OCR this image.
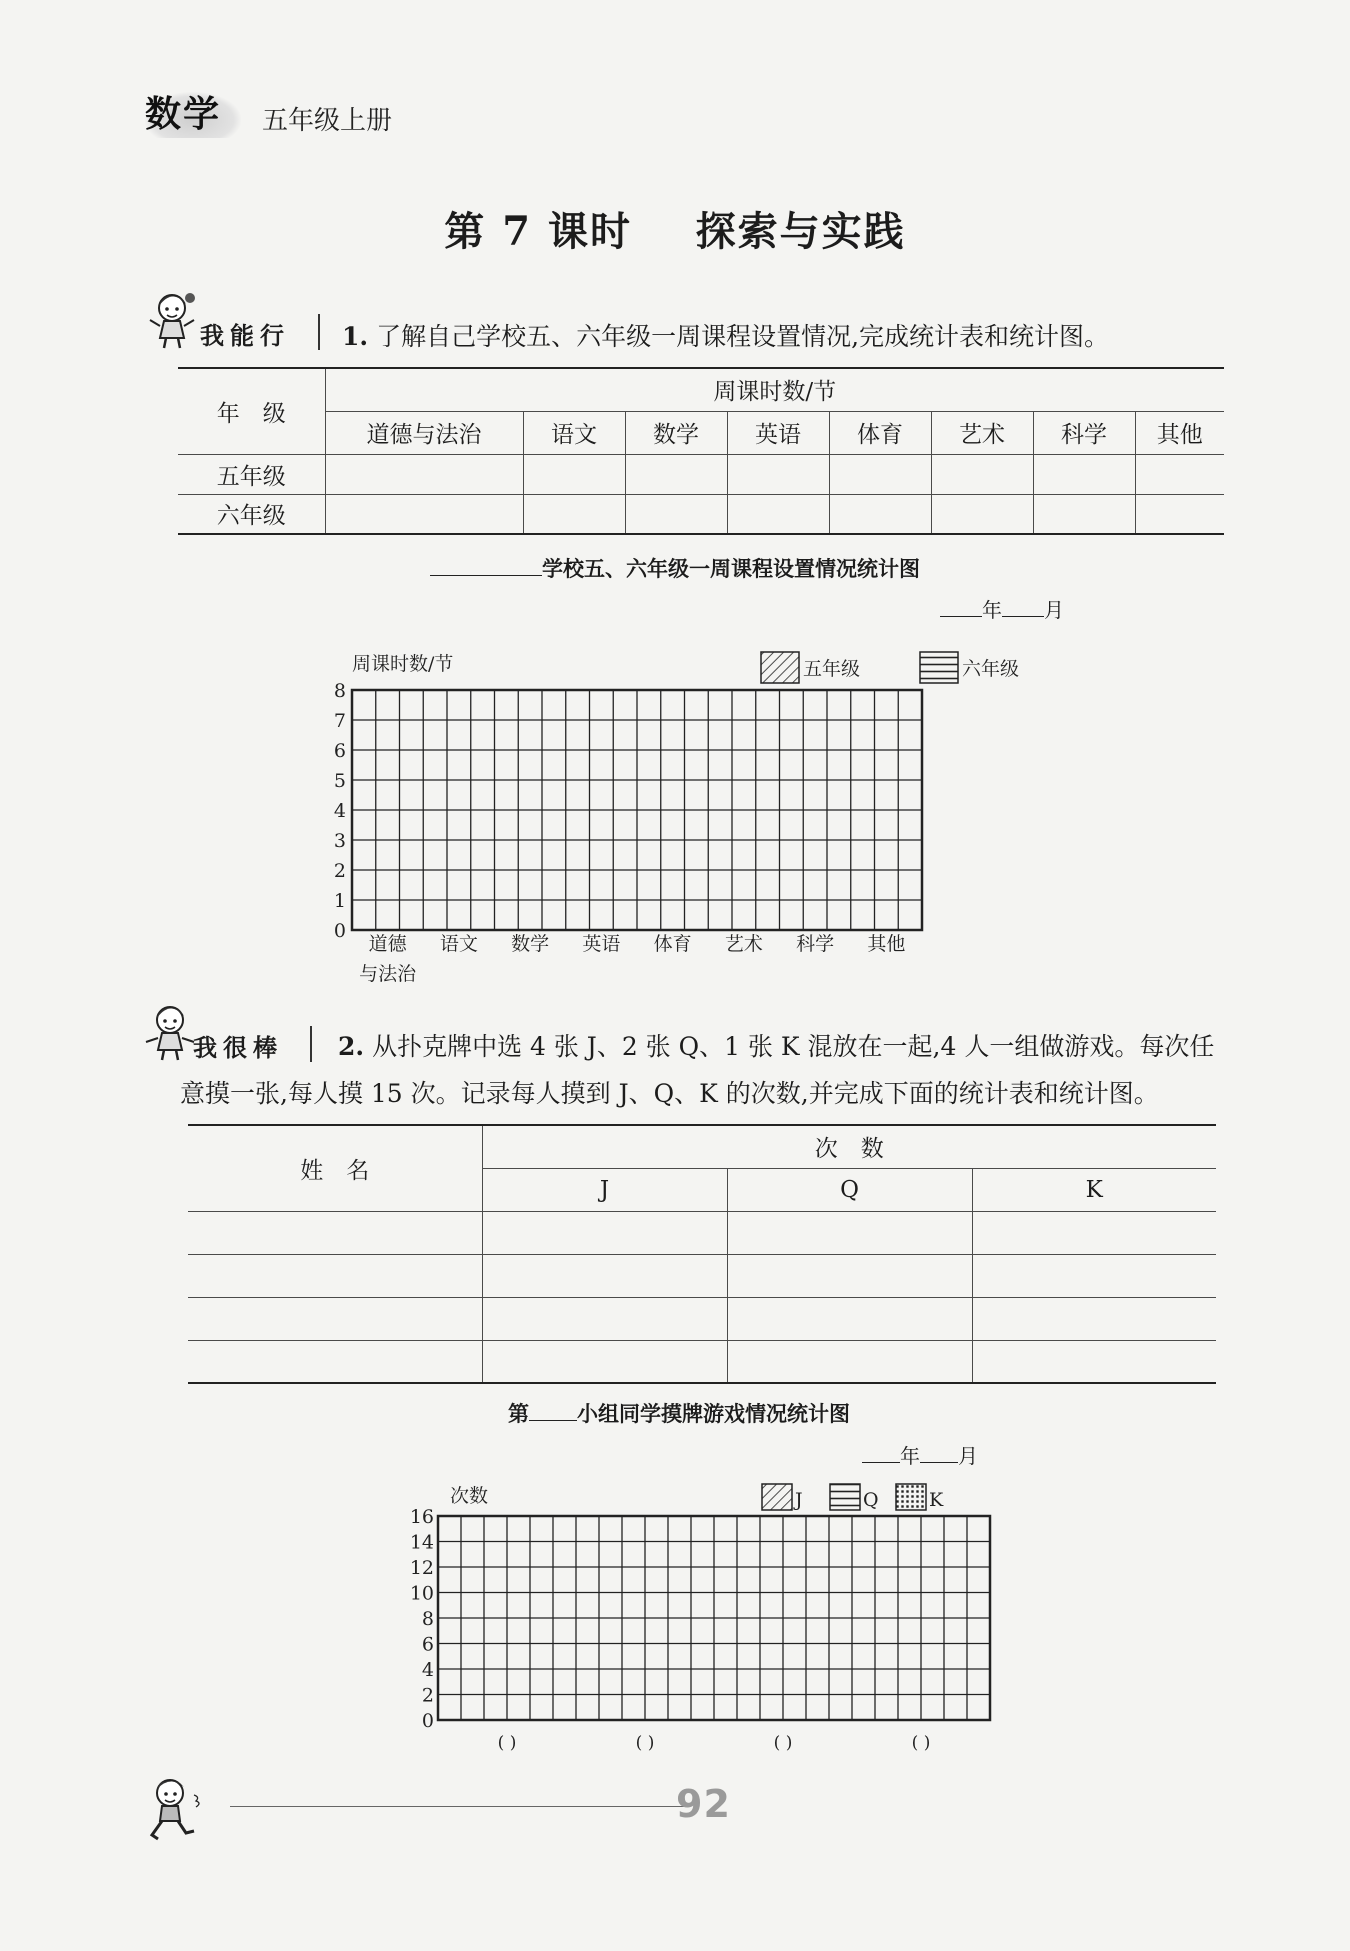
数学	五年级上册
第 7 课时    探索与实践
我能行 1. 了解自己学校五、六年级一周课程设置情况,完成统计表和统计图。
年　级	周课时数/节							
	道德与法治	语文	数学	英语	体育	艺术	科学	其他
五年级								
六年级								
学校五、六年级一周课程设置情况统计图
年 月
周课时数/节	五年级	六年级
0
1
2
3
4
5
6
7
8
道德 语文 数学 英语 体育 艺术 科学 其他
与法治
我很棒 2. 从扑克牌中选 4 张 J、2 张 Q、1 张 K 混放在一起,4 人一组做游戏。每次任
意摸一张,每人摸 15 次。记录每人摸到 J、Q、K 的次数,并完成下面的统计表和统计图。
姓　名	次　数		
	J	Q	K

第 小组同学摸牌游戏情况统计图
年 月
次数	J	Q	K
0
2
4
6
8
10
12
14
16
( )	( )	( )	( )
92
